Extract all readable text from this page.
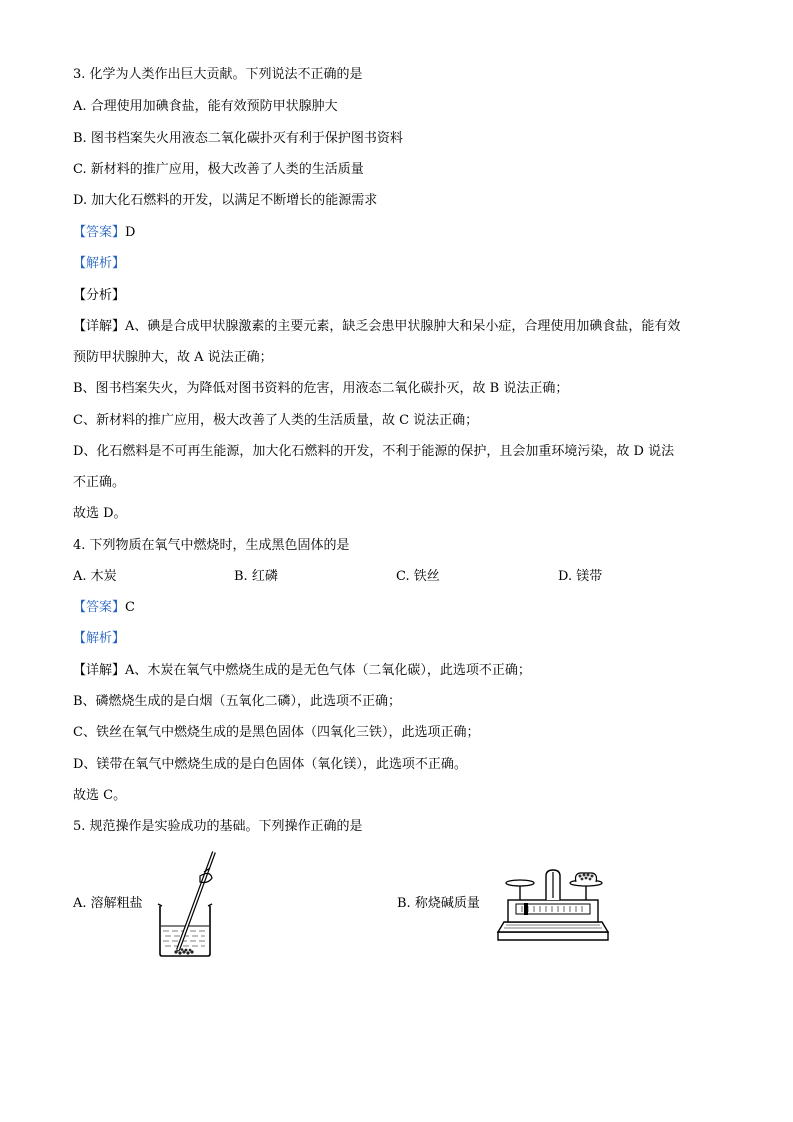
3. 化学为人类作出巨大贡献。下列说法不正确的是
A. 合理使用加碘食盐，能有效预防甲状腺肿大
B. 图书档案失火用液态二氧化碳扑灭有利于保护图书资料
C. 新材料的推广应用，极大改善了人类的生活质量
D. 加大化石燃料的开发，以满足不断增长的能源需求
【答案】D
【解析】
【分析】
【详解】A、碘是合成甲状腺激素的主要元素，缺乏会患甲状腺肿大和呆小症，合理使用加碘食盐，能有效
预防甲状腺肿大，故 A 说法正确；
B、图书档案失火，为降低对图书资料的危害，用液态二氧化碳扑灭，故 B 说法正确；
C、新材料的推广应用，极大改善了人类的生活质量，故 C 说法正确；
D、化石燃料是不可再生能源，加大化石燃料的开发，不利于能源的保护，且会加重环境污染，故 D 说法
不正确。
故选 D。
4. 下列物质在氧气中燃烧时，生成黑色固体的是
A. 木炭	B. 红磷	C. 铁丝	D. 镁带
【答案】C
【解析】
【详解】A、木炭在氧气中燃烧生成的是无色气体（二氧化碳），此选项不正确；
B、磷燃烧生成的是白烟（五氧化二磷），此选项不正确；
C、铁丝在氧气中燃烧生成的是黑色固体（四氧化三铁），此选项正确；
D、镁带在氧气中燃烧生成的是白色固体（氧化镁），此选项不正确。
故选 C。
5. 规范操作是实验成功的基础。下列操作正确的是
A. 溶解粗盐	B. 称烧碱质量
